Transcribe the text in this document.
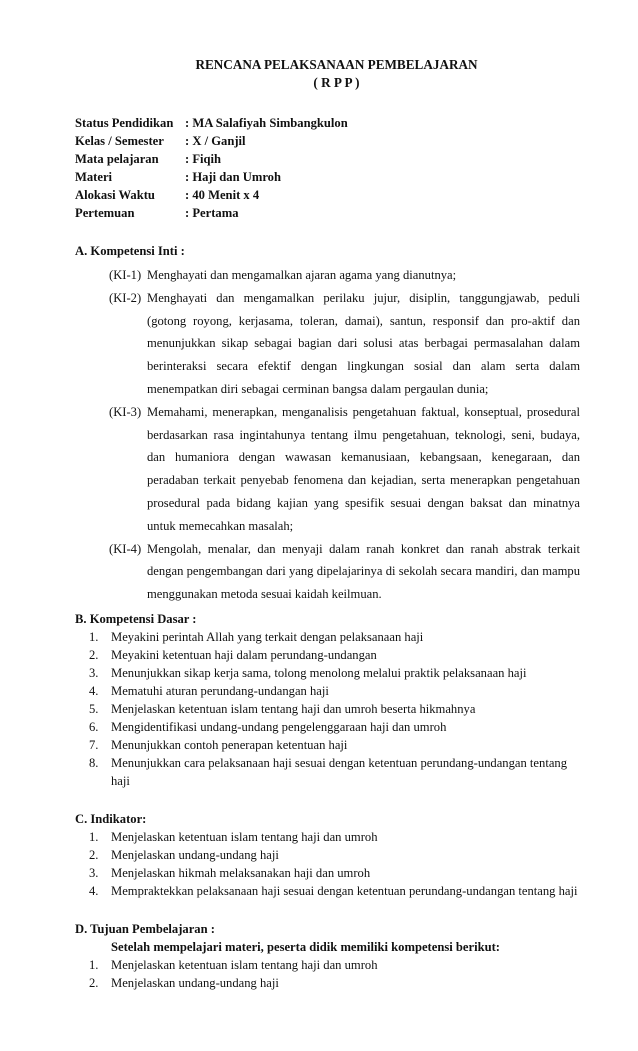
RENCANA PELAKSANAAN PEMBELAJARAN
( R P P )
Status Pendidikan : MA Salafiyah Simbangkulon
Kelas / Semester	: X / Ganjil
Mata pelajaran	: Fiqih
Materi	: Haji dan Umroh
Alokasi Waktu	: 40 Menit x 4
Pertemuan	: Pertama
A. Kompetensi Inti :
(KI-1) Menghayati dan mengamalkan ajaran agama yang dianutnya;
(KI-2) Menghayati dan mengamalkan perilaku jujur, disiplin, tanggungjawab, peduli (gotong royong, kerjasama, toleran, damai), santun, responsif dan pro-aktif dan menunjukkan sikap sebagai bagian dari solusi atas berbagai permasalahan dalam berinteraksi secara efektif dengan lingkungan sosial dan alam serta dalam menempatkan diri sebagai cerminan bangsa dalam pergaulan dunia;
(KI-3) Memahami, menerapkan, menganalisis pengetahuan faktual, konseptual, prosedural berdasarkan rasa ingintahunya tentang ilmu pengetahuan, teknologi, seni, budaya, dan humaniora dengan wawasan kemanusiaan, kebangsaan, kenegaraan, dan peradaban terkait penyebab fenomena dan kejadian, serta menerapkan pengetahuan prosedural pada bidang kajian yang spesifik sesuai dengan baksat dan minatnya untuk memecahkan masalah;
(KI-4) Mengolah, menalar, dan menyaji dalam ranah konkret dan ranah abstrak terkait dengan pengembangan dari yang dipelajarinya di sekolah secara mandiri, dan mampu menggunakan metoda sesuai kaidah keilmuan.
B. Kompetensi Dasar :
1. Meyakini perintah Allah yang terkait dengan pelaksanaan haji
2. Meyakini ketentuan haji dalam perundang-undangan
3. Menunjukkan sikap kerja sama, tolong menolong melalui praktik pelaksanaan haji
4. Mematuhi aturan perundang-undangan haji
5. Menjelaskan ketentuan islam tentang haji dan umroh beserta hikmahnya
6. Mengidentifikasi undang-undang pengelenggaraan haji dan umroh
7. Menunjukkan contoh penerapan ketentuan haji
8. Menunjukkan cara pelaksanaan haji sesuai dengan ketentuan perundang-undangan tentang haji
C. Indikator:
1. Menjelaskan ketentuan islam tentang haji dan umroh
2. Menjelaskan undang-undang haji
3. Menjelaskan hikmah melaksanakan haji dan umroh
4. Mempraktekkan pelaksanaan haji sesuai dengan ketentuan perundang-undangan tentang haji
D. Tujuan Pembelajaran :
Setelah mempelajari materi, peserta didik memiliki kompetensi berikut:
1. Menjelaskan ketentuan islam tentang haji dan umroh
2. Menjelaskan undang-undang haji
